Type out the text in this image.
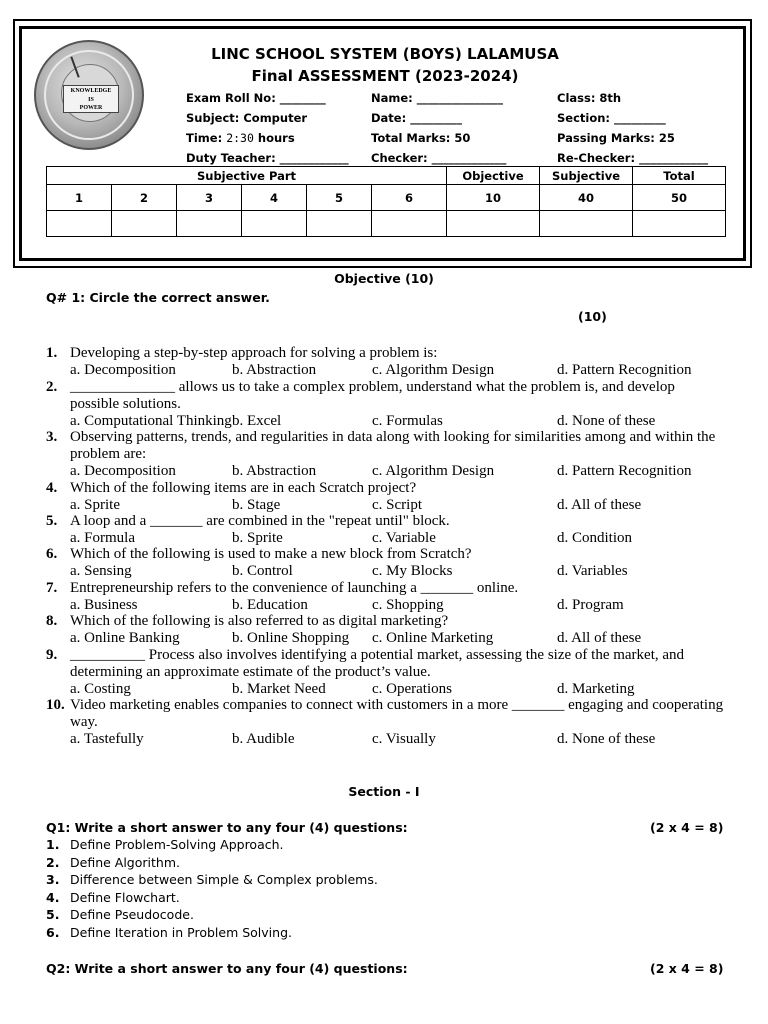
KNOWLEDGE
IS
POWER
LINC SCHOOL SYSTEM (BOYS) LALAMUSA
Final ASSESSMENT (2023-2024)
Exam Roll No: ________	Name: _______________	Class: 8th
Subject: Computer	Date: _________	Section: _________
Time: 2:30 hours	Total Marks: 50	Passing Marks: 25
Duty Teacher: ____________ Checker: _____________	Re-Checker: ____________
Subjective Part						Objective	Subjective	Total
1	2	3	4	5	6	10	40	50

Objective (10)
Q# 1: Circle the correct answer.
(10)
1. Developing a step-by-step approach for solving a problem is:
a. Decomposition	b. Abstraction	c. Algorithm Design	d. Pattern Recognition
2. ______________ allows us to take a complex problem, understand what the problem is, and develop possible solutions.
a. Computational Thinking b. Excel	c. Formulas	d. None of these
3. Observing patterns, trends, and regularities in data along with looking for similarities among and within the problem are:
a. Decomposition	b. Abstraction	c. Algorithm Design	d. Pattern Recognition
4. Which of the following items are in each Scratch project?
a. Sprite	b. Stage	c. Script	d. All of these
5. A loop and a _______ are combined in the "repeat until" block.
a. Formula	b. Sprite	c. Variable	d. Condition
6. Which of the following is used to make a new block from Scratch?
a. Sensing	b. Control	c. My Blocks	d. Variables
7. Entrepreneurship refers to the convenience of launching a _______ online.
a. Business	b. Education	c. Shopping	d. Program
8. Which of the following is also referred to as digital marketing?
a. Online Banking	b. Online Shopping c. Online Marketing	d. All of these
9. __________ Process also involves identifying a potential market, assessing the size of the market, and determining an approximate estimate of the product’s value.
a. Costing	b. Market Need	c. Operations	d. Marketing
10. Video marketing enables companies to connect with customers in a more _______ engaging and cooperating way.
a. Tastefully	b. Audible	c. Visually	d. None of these
Section - I
Q1: Write a short answer to any four (4) questions:	(2 x 4 = 8)
1. Define Problem-Solving Approach.
2. Define Algorithm.
3. Difference between Simple & Complex problems.
4. Define Flowchart.
5. Define Pseudocode.
6. Define Iteration in Problem Solving.
Q2: Write a short answer to any four (4) questions:	(2 x 4 = 8)
